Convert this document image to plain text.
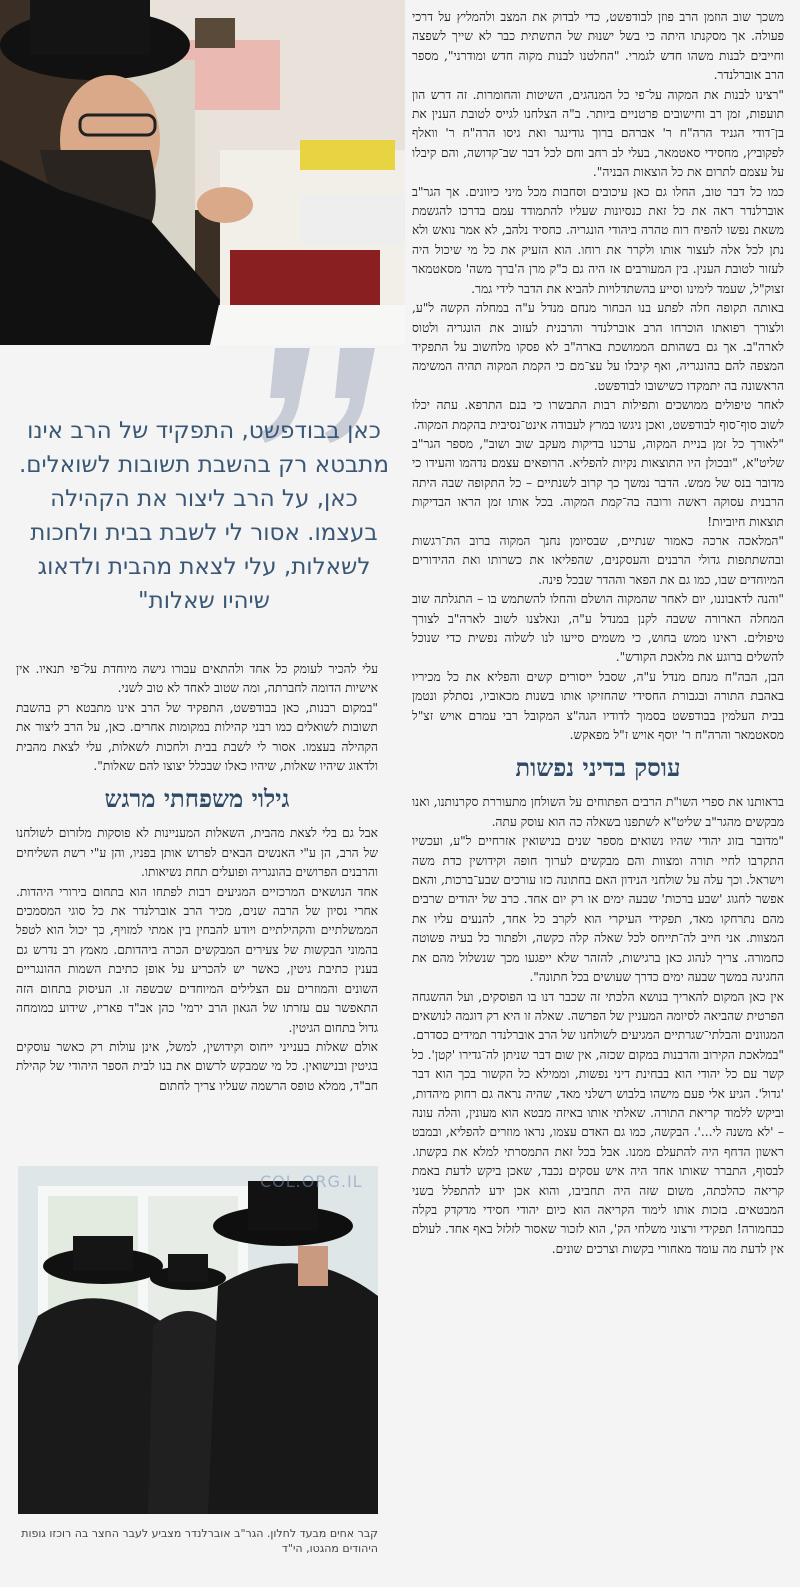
כאן בבודפשט, התפקיד של הרב אינו מתבטא רק בהשבת תשובות לשואלים. כאן, על הרב ליצור את הקהילה בעצמו. אסור לי לשבת בבית ולחכות לשאלות, עלי לצאת מהבית ולדאוג שיהיו שאלות"

משכך שוב הוזמן הרב פוזן לבודפשט, כדי לבדוק את המצב ולהמליץ על דרכי פעולה. אך מסקנתו היתה כי בשל ישנוּת של התשתית כבר לא שייך לשפצה וחייבים לבנות משהו חדש לגמרי. "החלטנו לבנות מקוה חדש ומודרני", מספר הרב אוברלנדר.

"רצינו לבנות את המקוה על־פי כל המנהגים, השיטות והחומרות. זה דרש הון תועפות, זמן רב וחישובים פרטניים ביותר. ב"ה הצלחנו לגייס לטובת הענין את בן־דודי הגניד הרה"ח ר' אברהם ברוך גודינגר ואת גיסו הרה"ח ר' וואלף לפקוביץ, מחסידי סאטמאר, בעלי לב רחב וחם לכל דבר שב־קדושה, והם קיבלו על עצמם לתרום את כל הוצאות הבניה".

כמו כל דבר טוב, החלו גם כאן עיכובים וסחבות מכל מיני כיוונים. אך הגר"ב אוברלנדר ראה את כל זאת כנסיונות שעליו להתמודד עמם בדרכו להגשמת משאת נפשו להפיח רוח טהרה ביהודי הונגריה. כחסיד נלהב, לא אמר נואש ולא נתן לכל אלה לעצור אותו ולקרר את רוחו. הוא הזעיק את כל מי שיכול היה לעזור לטובת הענין. בין המעורבים אז היה גם כ"ק מרן ה'ברך משה' מסאטמאר זצוק"ל, שעמד לימינו וסייע בהשתדלויות להביא את הדבר לידי גמר.

באותה תקופה חלה לפתע בנו הבחור מנחם מנדל ע"ה במחלה הקשה ל"ע, ולצורך רפואתו הוכרחו הרב אוברלנדר והרבנית לעזוב את הונגריה ולטוס לארה"ב. אך גם בשהותם הממושכת בארה"ב לא פסקו מלחשוב על התפקיד המצפה להם בהונגריה, ואף קיבלו על עצ־מם כי הקמת המקוה תהיה המשימה הראשונה בה יתמקדו כשישובו לבודפשט.

לאחר טיפולים ממושכים ותפילות רבות התבשרו כי בנם התרפא. עתה יכלו לשוב סוף־סוף לבודפשט, ואכן ניגשו במרץ לעבודה אינט־נסיבית בהקמת המקוה.

"לאורך כל זמן בניית המקוה, ערכנו בדיקות מעקב שוב ושוב", מספר הגר"ב שליט"א, "ובכולן היו התוצאות נקיות להפליא. הרופאים עצמם נדהמו והעידו כי מדובר בנס של ממש. הדבר נמשך כך קרוב לשנתיים – כל התקופה שבה היתה הרבנית עסוקה ראשה ורובה בה־קמת המקוה. בכל אותו זמן הראו הבדיקות תוצאות חיוביות!

"המלאכה ארכה כאמור שנתיים, שבסיומן נחנך המקוה ברוב הת־רגשות ובהשתתפות גדולי הרבנים והעסקנים, שהפליאו את כשרותו ואת ההידורים המיוחדים שבו, כמו גם את הפאר וההדר שבכל פינה.

"והנה לדאבוננו, יום לאחר שהמקוה הושלם והחלו להשתמש בו – התגלתה שוב המחלה הארורה ששבה לקנן במנדל ע"ה, ונאלצנו לשוב לארה"ב לצורך טיפולים. ראינו ממש בחוש, כי משמים סייעו לנו לשלוה נפשית כדי שנוכל להשלים ברוגע את מלאכת הקודש".

הבן, הבה"ח מנחם מנדל ע"ה, שסבל ייסורים קשים והפליא את כל מכיריו באהבת התורה ובגבורת החסידי שהחזיקו אותו בשנות מכאוביו, נסתלק ונטמן בבית העלמין בבודפשט בסמוך לדודיו הגה"צ המקובל רבי עמרם אויש זצ"ל מסאטמאר והרה"ח ר' יוסף אויש ז"ל מפאקש.

עוסק בדיני נפשות

בראותנו את ספרי השו"ת הרבים הפתוחים על השולחן מתעוררת סקרנותנו, ואנו מבקשים מהגר"ב שליט"א לשתפנו בשאלה כה הוא עוסק עתה.

"מדובר בזוג יהודי שהיו נשואים מספר שנים בנישואין אזרחיים ל"ע, ועכשיו התקרבו לחיי תורה ומצוות והם מבקשים לערוך חופה וקידושין כדת משה וישראל. וכך עלה על שולחני הנידון האם בחתונה כזו עורכים שבע־ברכות, והאם אפשר לחגוג 'שבע ברכות' שבעה ימים או רק יום אחד. כרב של יהודים שרבים מהם נתרחקו מאד, תפקידי העיקרי הוא לקרב כל אחד, להנעים עליו את המצוות. אני חייב לה־תייחס לכל שאלה קלה כקשה, ולפתור כל בעיה פשוטה כחמורה. צריך לנהוג כאן ברגישות, להזהר שלא ייפגעו מכך שנשלול מהם את החגיגה במשך שבעה ימים כדרך שעושים בכל חתונה".

אין כאן המקום להאריך בנושא הלכתי זה שכבר דנו בו הפוסקים, ועל ההשגחה הפרטית שהביאה לסיומה המעניין של הפרשה. שאלה זו היא רק דוגמה לנושאים המגוונים והבלתי־שגרתיים המגיעים לשולחנו של הרב אוברלנדר תמידים כסדרם.

"במלאכת הקירוב והרבנות במקום שכזה, אין שום דבר שניתן לה־גדירו 'קטן'. כל קשר עם כל יהודי הוא בבחינת דיני נפשות, וממילא כל הקשור בכך הוא דבר 'גדול'. הגיע אלי פעם מישהו בלבוש רשלני מאד, שהיה נראה גם רחוק מיהדות, וביקש ללמוד קריאת התורה. שאלתי אותו באיזה מבטא הוא מעונין, והלה עונה – 'לא משנה לי...'. הבקשה, כמו גם האדם עצמו, נראו מוזרים להפליא, ובמבט ראשון הדחף היה להתעלם ממנו. אבל בכל זאת התמסרתי למלא את בקשתו. לבסוף, התברר שאותו אחד היה איש עסקים נכבד, שאכן ביקש לדעת באמת קריאה כהלכתה, משום שזה היה תחביבו, והוא אכן ידע להתפלל בשני המבטאים. בזכות אותו לימוד הקריאה הוא כיום יהודי חסידי מדקדק בקלה כבחמורה! תפקידי ורצוני משלחי הק', הוא לזכור שאסור לזלזל באף אחד. לעולם אין לדעת מה עומד מאחורי בקשות וצרכים שונים.

עלי להכיר לעומק כל אחד ולהתאים עבורו גישה מיוחדת על־פי תנאיו. אין אישיות הדומה לחברתה, ומה שטוב לאחד לא טוב לשני.

"במקום רבנות, כאן בבודפשט, התפקיד של הרב אינו מתבטא רק בהשבת תשובות לשואלים כמו רבני קהילות במקומות אחרים. כאן, על הרב ליצור את הקהילה בעצמו. אסור לי לשבת בבית ולחכות לשאלות, עלי לצאת מהבית ולדאוג שיהיו שאלות, שיהיו כאלו שבכלל יצוצו להם שאלות".

גילוי משפחתי מרגש

אבל גם בלי לצאת מהבית, השאלות המעניינות לא פוסקות מלזרום לשולחנו של הרב, הן ע"י האנשים הבאים לפרוש אותן בפניו, והן ע"י רשת השליחים והרבנים הפרושים בהונגריה ופועלים תחת נשיאותו.

אחד הנושאים המרכזיים המגיעים רבות לפתחו הוא בתחום בירורי היהדות. אחרי נסיון של הרבה שנים, מכיר הרב אוברלנדר את כל סוגי המסמכים הממשלתיים והקהילתיים ויודע להבחין בין אמתי למזויף, כך יכול הוא לטפל בהמוני הבקשות של צעירים המבקשים הכרה ביהדותם. מאמץ רב נדרש גם בענין כתיבת גיטין, כאשר יש להכריע על אופן כתיבת השמות ההונגריים השונים והמוזרים עם הצלילים המיוחדים שבשפה זו. העיסוק בתחום הזה התאפשר עם עזרתו של הגאון הרב ירמי' כהן אב"ד פאריז, שידוע כמומחה גדול בתחום הגיטין.

אולם שאלות בענייני ייחוס וקידושין, למשל, אינן עולות רק כאשר עוסקים בגיטין ובנישואין. כל מי שמבקש לרשום את בנו לבית הספר היהודי של קהילת חב"ד, ממלא טופס הרשמה שעליו צריך לחתום

COL.ORG.IL
קבר אחים מבעד לחלון. הגר"ב אוברלנדר מצביע לעבר החצר בה רוכזו גופות היהודים מהגטו, הי"ד
